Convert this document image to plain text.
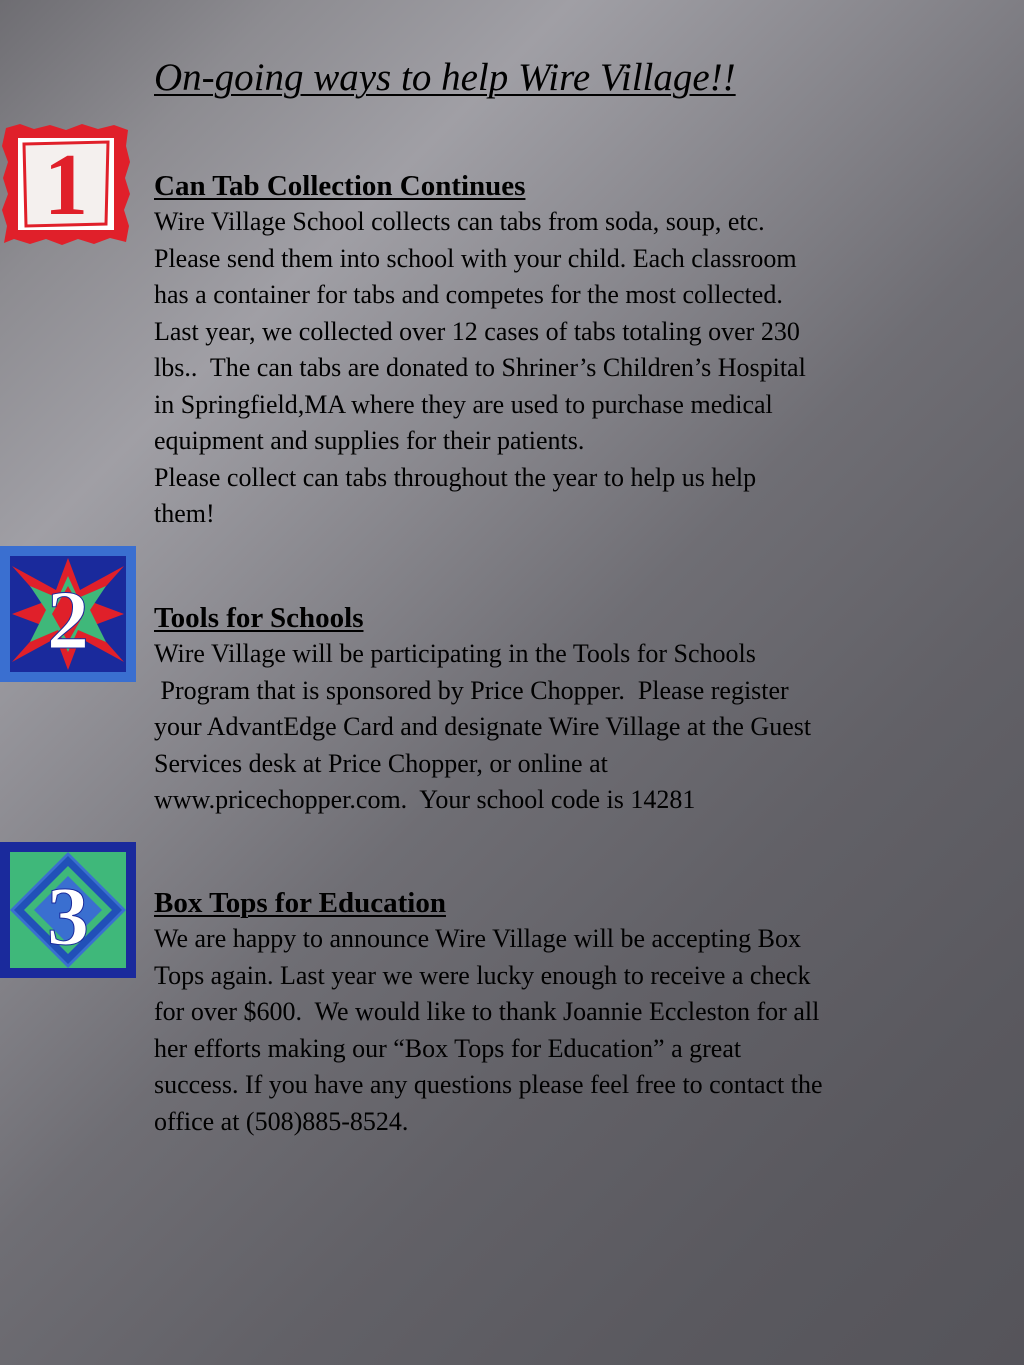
On-going ways to help Wire Village!!
1
2
3
Can Tab Collection Continues

Wire Village School collects can tabs from soda, soup, etc.

Please send them into school with your child. Each classroom

has a container for tabs and competes for the most collected.

Last year, we collected over 12 cases of tabs totaling over 230

lbs..  The can tabs are donated to Shriner’s Children’s Hospital

in Springfield,MA where they are used to purchase medical

equipment and supplies for their patients.

Please collect can tabs throughout the year to help us help

them!

Tools for Schools

Wire Village will be participating in the Tools for Schools

Program that is sponsored by Price Chopper.  Please register

your AdvantEdge Card and designate Wire Village at the Guest

Services desk at Price Chopper, or online at

www.pricechopper.com.  Your school code is 14281

Box Tops for Education

We are happy to announce Wire Village will be accepting Box

Tops again. Last year we were lucky enough to receive a check

for over $600.  We would like to thank Joannie Eccleston for all

her efforts making our “Box Tops for Education” a great

success. If you have any questions please feel free to contact the

office at (508)885-8524.
